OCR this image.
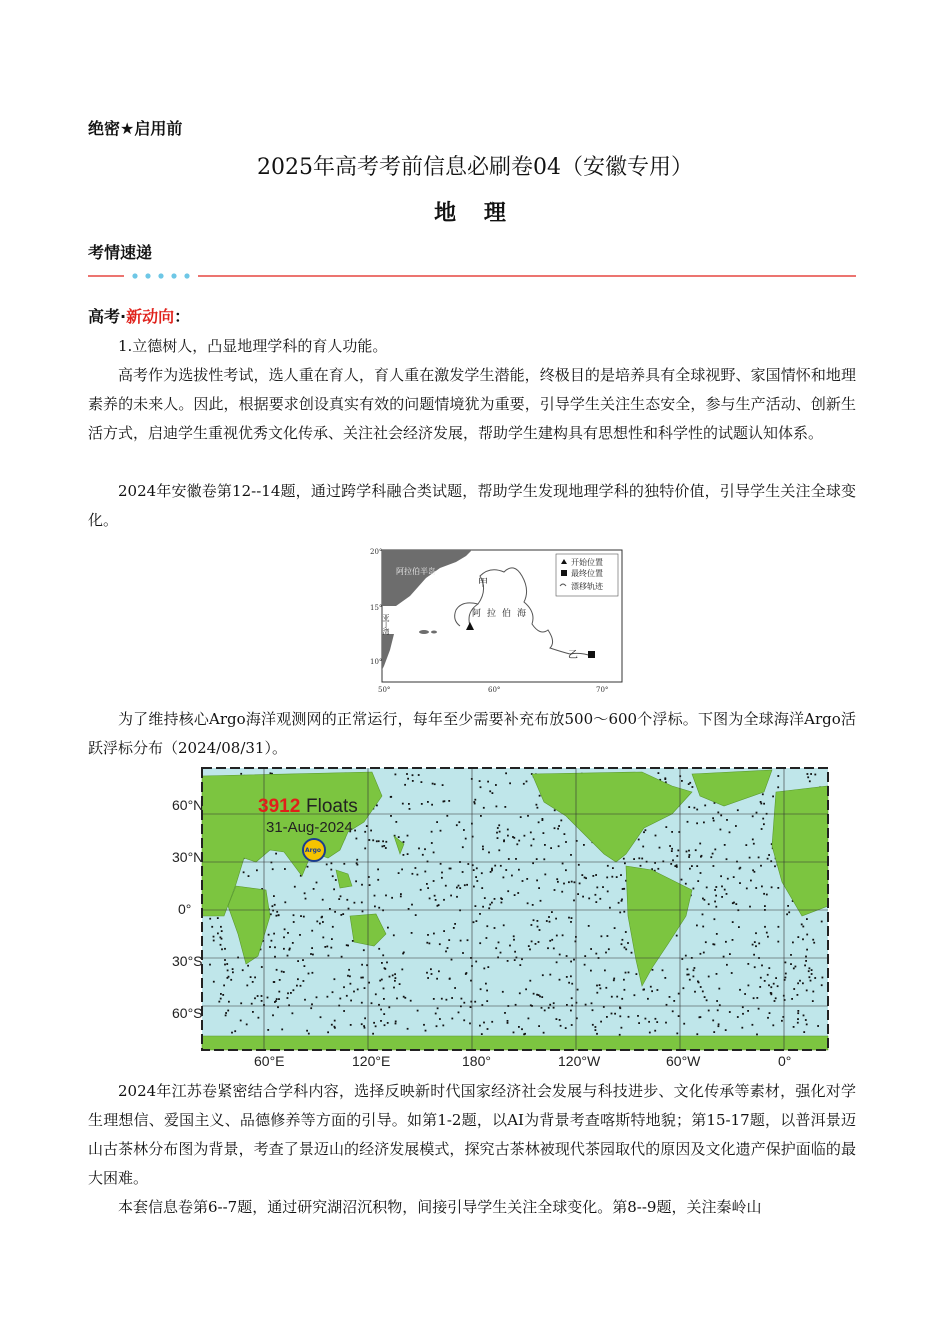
绝密★启用前
2025年高考考前信息必刷卷04（安徽专用）
地 理
考情速递
高考·新动向：

1.立德树人，凸显地理学科的育人功能。

高考作为选拔性考试，选人重在育人，育人重在激发学生潜能，终极目的是培养具有全球视野、家国情怀和地理素养的未来人。因此，根据要求创设真实有效的问题情境犹为重要，引导学生关注生态安全，参与生产活动、创新生活方式，启迪学生重视优秀文化传承、关注社会经济发展，帮助学生建构具有思想性和科学性的试题认知体系。

2024年安徽卷第12--14题，通过跨学科融合类试题，帮助学生发现地理学科的独特价值，引导学生关注全球变化。

开始位置
最终位置
漂移轨迹
阿拉伯半岛
亚丁湾	阿拉伯海
甲
乙
20°
15°
10°
50°	60°	70°

为了维持核心Argo海洋观测网的正常运行，每年至少需要补充布放500～600个浮标。下图为全球海洋Argo活跃浮标分布（2024/08/31）。

3912 Floats
31-Aug-2024
Argo
60°N
30°N
0°
30°S
60°S
60°E	120°E	180°	120°W	60°W	0°

2024年江苏卷紧密结合学科内容，选择反映新时代国家经济社会发展与科技进步、文化传承等素材，强化对学生理想信、爱国主义、品德修养等方面的引导。如第1-2题，以AI为背景考查喀斯特地貌；第15-17题，以普洱景迈山古茶林分布图为背景，考查了景迈山的经济发展模式，探究古茶林被现代茶园取代的原因及文化遗产保护面临的最大困难。

本套信息卷第6--7题，通过研究湖沼沉积物，间接引导学生关注全球变化。第8--9题，关注秦岭山
